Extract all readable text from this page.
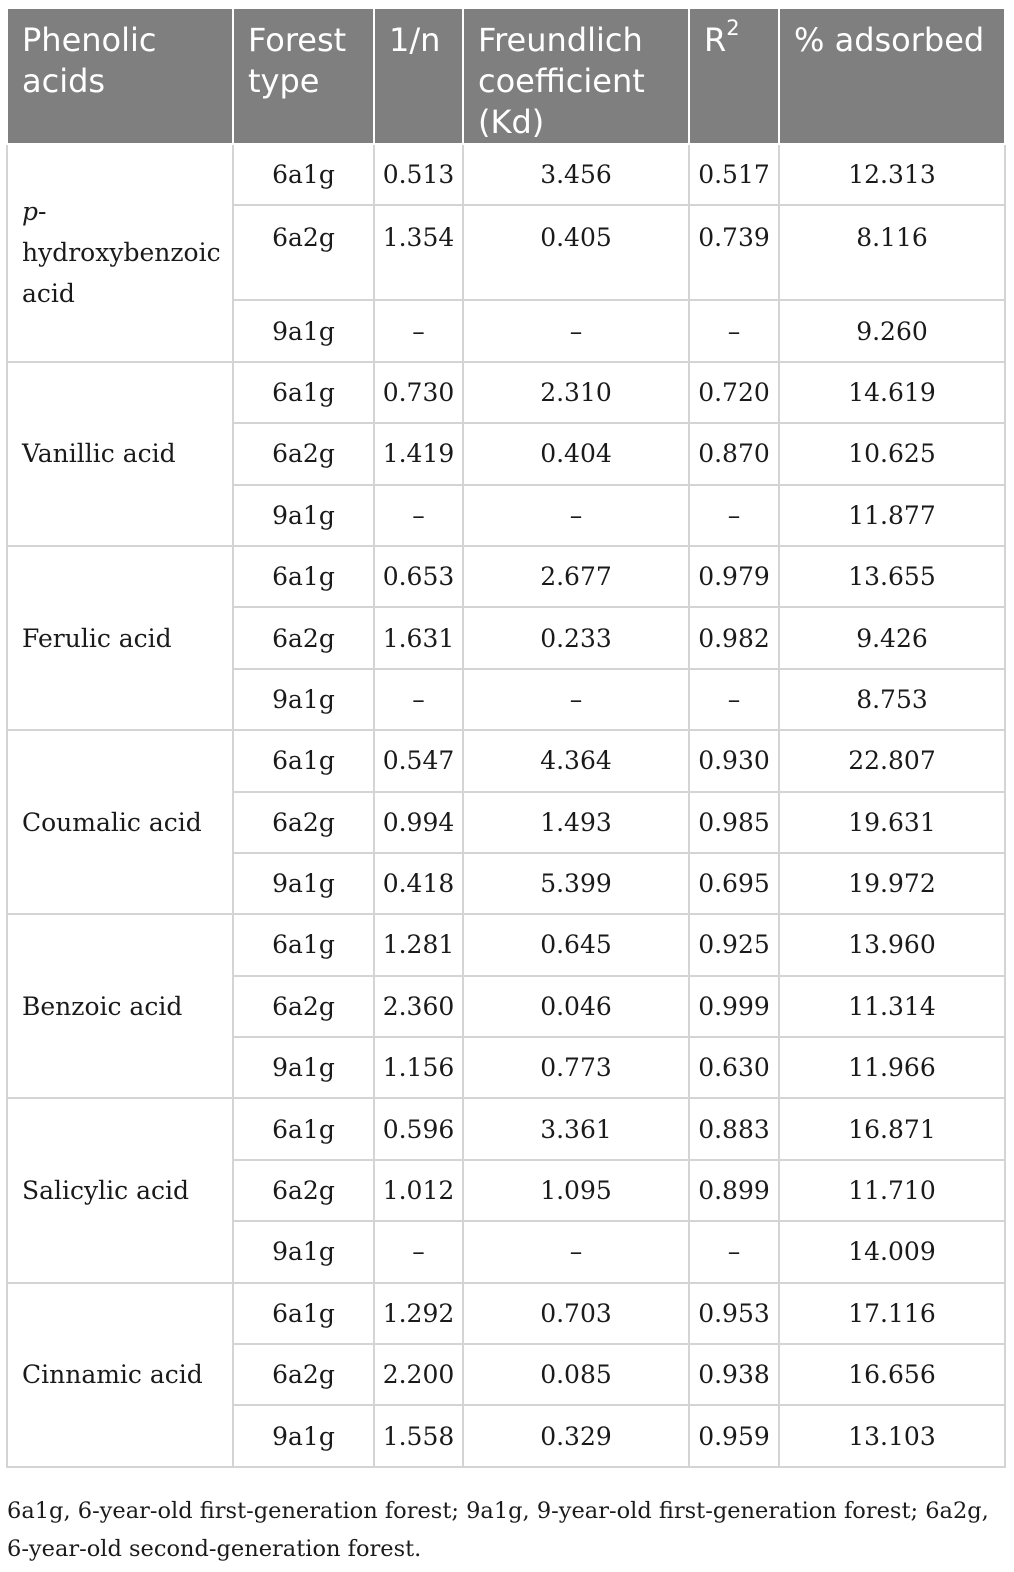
Phenolic acids	Forest type	1/n	Freundlich coefficient (Kd)	$R^2$	% adsorbed
p-hydroxybenzoic acid	6a1g	0.513	3.456	0.517	12.313
	6a2g	1.354	0.405	0.739	8.116
	9a1g	–	–	–	9.260
Vanillic acid	6a1g	0.730	2.310	0.720	14.619
	6a2g	1.419	0.404	0.870	10.625
	9a1g	–	–	–	11.877
Ferulic acid	6a1g	0.653	2.677	0.979	13.655
	6a2g	1.631	0.233	0.982	9.426
	9a1g	–	–	–	8.753
Coumalic acid	6a1g	0.547	4.364	0.930	22.807
	6a2g	0.994	1.493	0.985	19.631
	9a1g	0.418	5.399	0.695	19.972
Benzoic acid	6a1g	1.281	0.645	0.925	13.960
	6a2g	2.360	0.046	0.999	11.314
	9a1g	1.156	0.773	0.630	11.966
Salicylic acid	6a1g	0.596	3.361	0.883	16.871
	6a2g	1.012	1.095	0.899	11.710
	9a1g	–	–	–	14.009
Cinnamic acid	6a1g	1.292	0.703	0.953	17.116
	6a2g	2.200	0.085	0.938	16.656
	9a1g	1.558	0.329	0.959	13.103
6a1g, 6-year-old first-generation forest; 9a1g, 9-year-old first-generation forest; 6a2g, 6-year-old second-generation forest.
